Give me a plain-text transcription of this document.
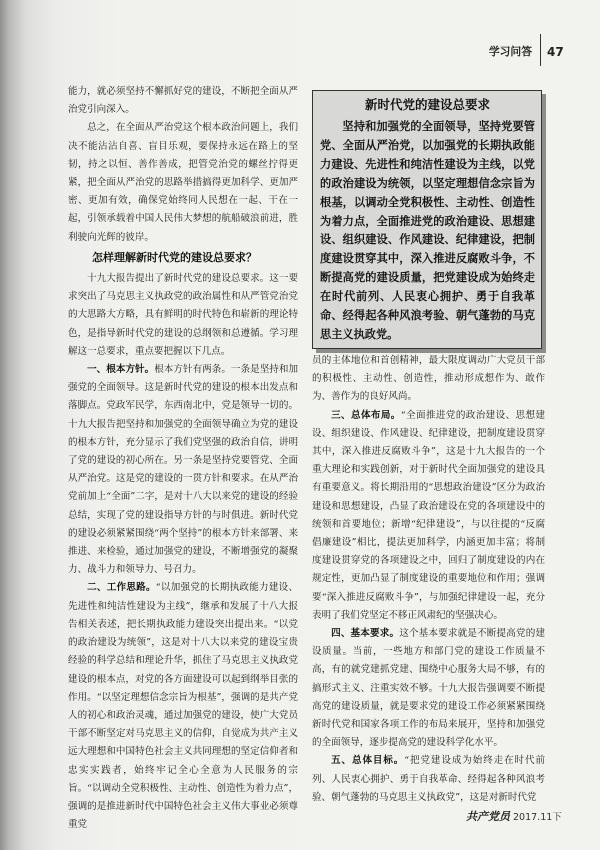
学习问答 47

能力，就必须坚持不懈抓好党的建设，不断把全面从严治党引向深入。

总之，在全面从严治党这个根本政治问题上，我们决不能沾沾自喜、盲目乐观，要保持永远在路上的坚韧，持之以恒、善作善成，把管党治党的螺丝拧得更紧，把全面从严治党的思路举措搞得更加科学、更加严密、更加有效，确保党始终同人民想在一起、干在一起，引领承载着中国人民伟大梦想的航船破浪前进，胜利驶向光辉的彼岸。

怎样理解新时代党的建设总要求？

十九大报告提出了新时代党的建设总要求。这一要求突出了马克思主义执政党的政治属性和从严管党治党的大思路大方略，具有鲜明的时代特色和崭新的理论特色，是指导新时代党的建设的总纲领和总遵循。学习理解这一总要求，重点要把握以下几点。

一、根本方针。根本方针有两条。一条是坚持和加强党的全面领导。这是新时代党的建设的根本出发点和落脚点。党政军民学，东西南北中，党是领导一切的。十九大报告把坚持和加强党的全面领导确立为党的建设的根本方针，充分显示了我们党坚强的政治自信，讲明了党的建设的初心所在。另一条是坚持党要管党、全面从严治党。这是党的建设的一贯方针和要求。在从严治党前加上“全面”二字，是对十八大以来党的建设的经验总结，实现了党的建设指导方针的与时俱进。新时代党的建设必须紧紧围绕“两个坚持”的根本方针来部署、来推进、来检验，通过加强党的建设，不断增强党的凝聚力、战斗力和领导力、号召力。

二、工作思路。“以加强党的长期执政能力建设、先进性和纯洁性建设为主线”，继承和发展了十八大报告相关表述，把长期执政能力建设突出提出来。“以党的政治建设为统领”，这是对十八大以来党的建设宝贵经验的科学总结和理论升华，抓住了马克思主义执政党建设的根本点，对党的各方面建设可以起到纲举目张的作用。“以坚定理想信念宗旨为根基”，强调的是共产党人的初心和政治灵魂，通过加强党的建设，使广大党员干部不断坚定对马克思主义的信仰，自觉成为共产主义远大理想和中国特色社会主义共同理想的坚定信仰者和忠实实践者，始终牢记全心全意为人民服务的宗旨。“以调动全党积极性、主动性、创造性为着力点”，强调的是推进新时代中国特色社会主义伟大事业必须尊重党

新时代党的建设总要求

坚持和加强党的全面领导，坚持党要管党、全面从严治党，以加强党的长期执政能力建设、先进性和纯洁性建设为主线，以党的政治建设为统领，以坚定理想信念宗旨为根基，以调动全党积极性、主动性、创造性为着力点，全面推进党的政治建设、思想建设、组织建设、作风建设、纪律建设，把制度建设贯穿其中，深入推进反腐败斗争，不断提高党的建设质量，把党建设成为始终走在时代前列、人民衷心拥护、勇于自我革命、经得起各种风浪考验、朝气蓬勃的马克思主义执政党。

员的主体地位和首创精神，最大限度调动广大党员干部的积极性、主动性、创造性，推动形成想作为、敢作为、善作为的良好风尚。

三、总体布局。“全面推进党的政治建设、思想建设、组织建设、作风建设、纪律建设，把制度建设贯穿其中，深入推进反腐败斗争”，这是十九大报告的一个重大理论和实践创新，对于新时代全面加强党的建设具有重要意义。将长期沿用的“思想政治建设”区分为政治建设和思想建设，凸显了政治建设在党的各项建设中的统领和首要地位；新增“纪律建设”，与以往提的“反腐倡廉建设”相比，提法更加科学，内涵更加丰富；将制度建设贯穿党的各项建设之中，回归了制度建设的内在规定性，更加凸显了制度建设的重要地位和作用；强调要“深入推进反腐败斗争”，与加强纪律建设一起，充分表明了我们党坚定不移正风肃纪的坚强决心。

四、基本要求。这个基本要求就是不断提高党的建设质量。当前，一些地方和部门党的建设工作质量不高，有的就党建抓党建、围绕中心服务大局不够，有的搞形式主义、注重实效不够。十九大报告强调要不断提高党的建设质量，就是要求党的建设工作必须紧紧围绕新时代党和国家各项工作的布局来展开，坚持和加强党的全面领导，逐步提高党的建设科学化水平。

五、总体目标。“把党建设成为始终走在时代前列、人民衷心拥护、勇于自我革命、经得起各种风浪考验、朝气蓬勃的马克思主义执政党”，这是对新时代党

共产党员 2017.11下
